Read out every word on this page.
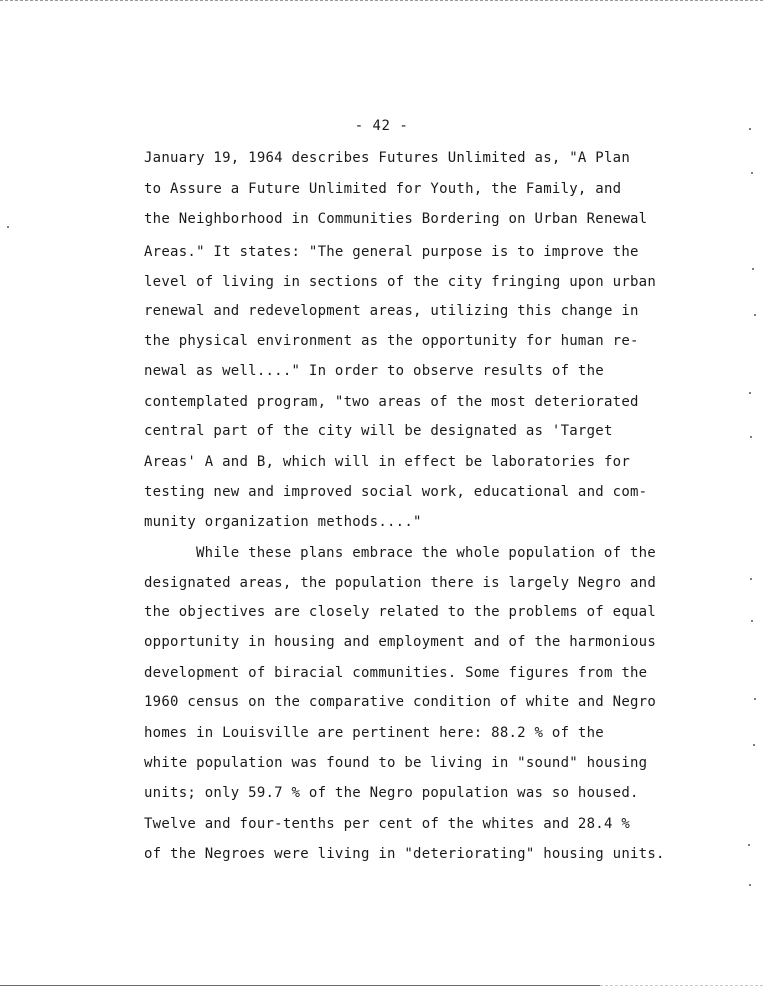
- 42 -
January 19, 1964 describes Futures Unlimited as, "A Plan
to Assure a Future Unlimited for Youth, the Family, and
the Neighborhood in Communities Bordering on Urban Renewal
Areas." It states: "The general purpose is to improve the
level of living in sections of the city fringing upon urban
renewal and redevelopment areas, utilizing this change in
the physical environment as the opportunity for human re-
newal as well...." In order to observe results of the
contemplated program, "two areas of the most deteriorated
central part of the city will be designated as 'Target
Areas' A and B, which will in effect be laboratories for
testing new and improved social work, educational and com-
munity organization methods...."
While these plans embrace the whole population of the
designated areas, the population there is largely Negro and
the objectives are closely related to the problems of equal
opportunity in housing and employment and of the harmonious
development of biracial communities. Some figures from the
1960 census on the comparative condition of white and Negro
homes in Louisville are pertinent here: 88.2 % of the
white population was found to be living in "sound" housing
units; only 59.7 % of the Negro population was so housed.
Twelve and four-tenths per cent of the whites and 28.4 %
of the Negroes were living in "deteriorating" housing units.
